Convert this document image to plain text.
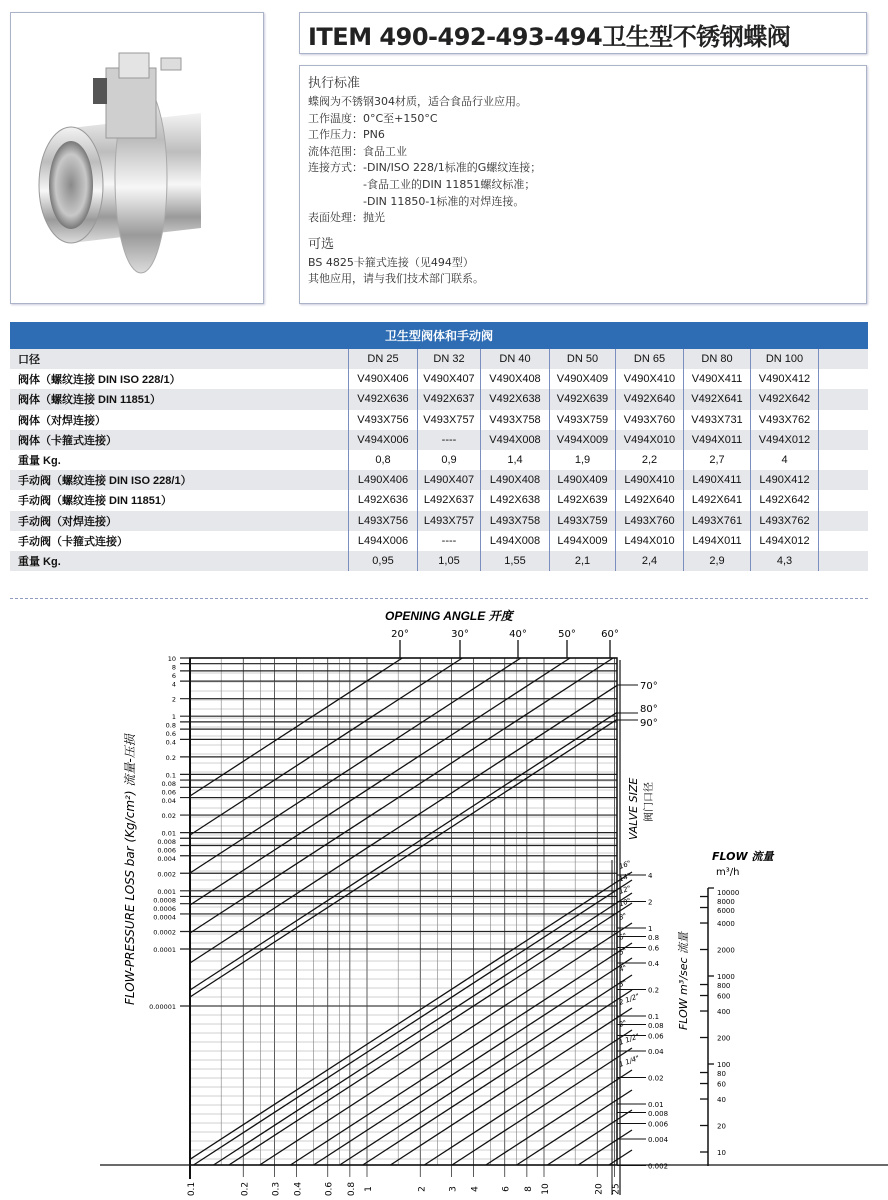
ITEM 490-492-493-494卫生型不锈钢蝶阀
执行标准
蝶阀为不锈钢304材质，适合食品行业应用。
工作温度： 0°C至+150°C
工作压力： PN6
流体范围： 食品工业
连接方式： -DIN/ISO 228/1标准的G螺纹连接；
-食品工业的DIN 11851螺纹标准；
-DIN 11850-1标准的对焊连接。
表面处理： 抛光
可选
BS 4825卡箍式连接（见494型）
其他应用，请与我们技术部门联系。
卫生型阀体和手动阀								
口径	DN 25	DN 32	DN 40	DN 50	DN 65	DN 80	DN 100	
阀体（螺纹连接 DIN ISO 228/1）	V490X406	V490X407	V490X408	V490X409	V490X410	V490X411	V490X412	
阀体（螺纹连接 DIN 11851）	V492X636	V492X637	V492X638	V492X639	V492X640	V492X641	V492X642	
阀体（对焊连接）	V493X756	V493X757	V493X758	V493X759	V493X760	V493X731	V493X762	
阀体（卡箍式连接）	V494X006	----	V494X008	V494X009	V494X010	V494X011	V494X012	
重量 Kg.	0,8	0,9	1,4	1,9	2,2	2,7	4	
手动阀（螺纹连接 DIN ISO 228/1）	L490X406	L490X407	L490X408	L490X409	L490X410	L490X411	L490X412	
手动阀（螺纹连接 DIN 11851）	L492X636	L492X637	L492X638	L492X639	L492X640	L492X641	L492X642	
手动阀（对焊连接）	L493X756	L493X757	L493X758	L493X759	L493X760	L493X761	L493X762	
手动阀（卡箍式连接）	L494X006	----	L494X008	L494X009	L494X010	L494X011	L494X012	
重量 Kg.	0,95	1,05	1,55	2,1	2,4	2,9	4,3	
OPENING ANGLE 开度
0.1	0.2 0.3 0.4 0.6 0.8 1	2 3 4 6 8 10	20 25
10
8
6
4
2
1
0.8
0.6
0.4
0.2
0.1
0.08
0.06
0.04
0.02
0.01
0.008
0.006
0.004
0.002
0.001
0.0008
0.0006
0.0004
0.0002
0.0001
0.00001
20°	30°	40°	50°	60°
70°
80°
90°
16"
14"
12"
10"
8"
6"
5"
4"
3"
2 1/2"
2"
1 1/2"
1 1/4"
4
2
1
0.8
0.6
0.4
0.2
0.1
0.08
0.06
0.04
0.02
0.01
0.008
0.006
0.004
0.002
FLOW-PRESSURE LOSS bar (Kg/cm²) 流量-压损	VALVE SIZE 阀门口径
FLOW m³/sec 流量
FLOW 流量
m³/h
10000
8000
6000
4000
2000
1000
800
600
400
200
100
80
60
40
20
10
